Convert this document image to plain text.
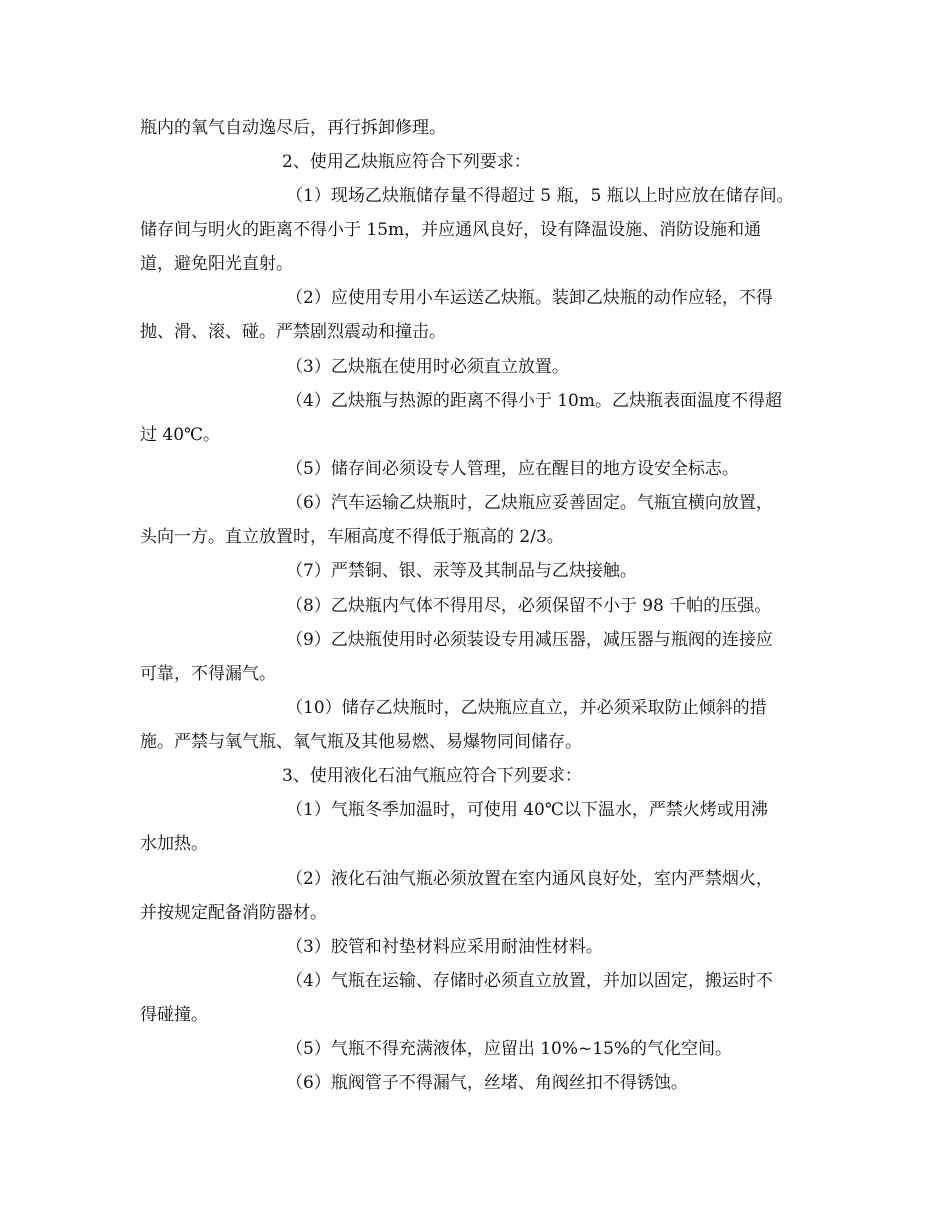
瓶内的氧气自动逸尽后，再行拆卸修理。

2、使用乙炔瓶应符合下列要求：

（1）现场乙炔瓶储存量不得超过 5 瓶，5 瓶以上时应放在储存间。

储存间与明火的距离不得小于 15m，并应通风良好，设有降温设施、消防设施和通

道，避免阳光直射。

（2）应使用专用小车运送乙炔瓶。装卸乙炔瓶的动作应轻，不得

抛、滑、滚、碰。严禁剧烈震动和撞击。

（3）乙炔瓶在使用时必须直立放置。

（4）乙炔瓶与热源的距离不得小于 10m。乙炔瓶表面温度不得超

过 40℃。

（5）储存间必须设专人管理，应在醒目的地方设安全标志。

（6）汽车运输乙炔瓶时，乙炔瓶应妥善固定。气瓶宜横向放置，

头向一方。直立放置时，车厢高度不得低于瓶高的 2/3。

（7）严禁铜、银、汞等及其制品与乙炔接触。

（8）乙炔瓶内气体不得用尽，必须保留不小于 98 千帕的压强。

（9）乙炔瓶使用时必须装设专用减压器，减压器与瓶阀的连接应

可靠，不得漏气。

（10）储存乙炔瓶时，乙炔瓶应直立，并必须采取防止倾斜的措

施。严禁与氧气瓶、氧气瓶及其他易燃、易爆物同间储存。

3、使用液化石油气瓶应符合下列要求：

（1）气瓶冬季加温时，可使用 40℃以下温水，严禁火烤或用沸

水加热。

（2）液化石油气瓶必须放置在室内通风良好处，室内严禁烟火，

并按规定配备消防器材。

（3）胶管和衬垫材料应采用耐油性材料。

（4）气瓶在运输、存储时必须直立放置，并加以固定，搬运时不

得碰撞。

（5）气瓶不得充满液体，应留出 10%~15%的气化空间。

（6）瓶阀管子不得漏气，丝堵、角阀丝扣不得锈蚀。
